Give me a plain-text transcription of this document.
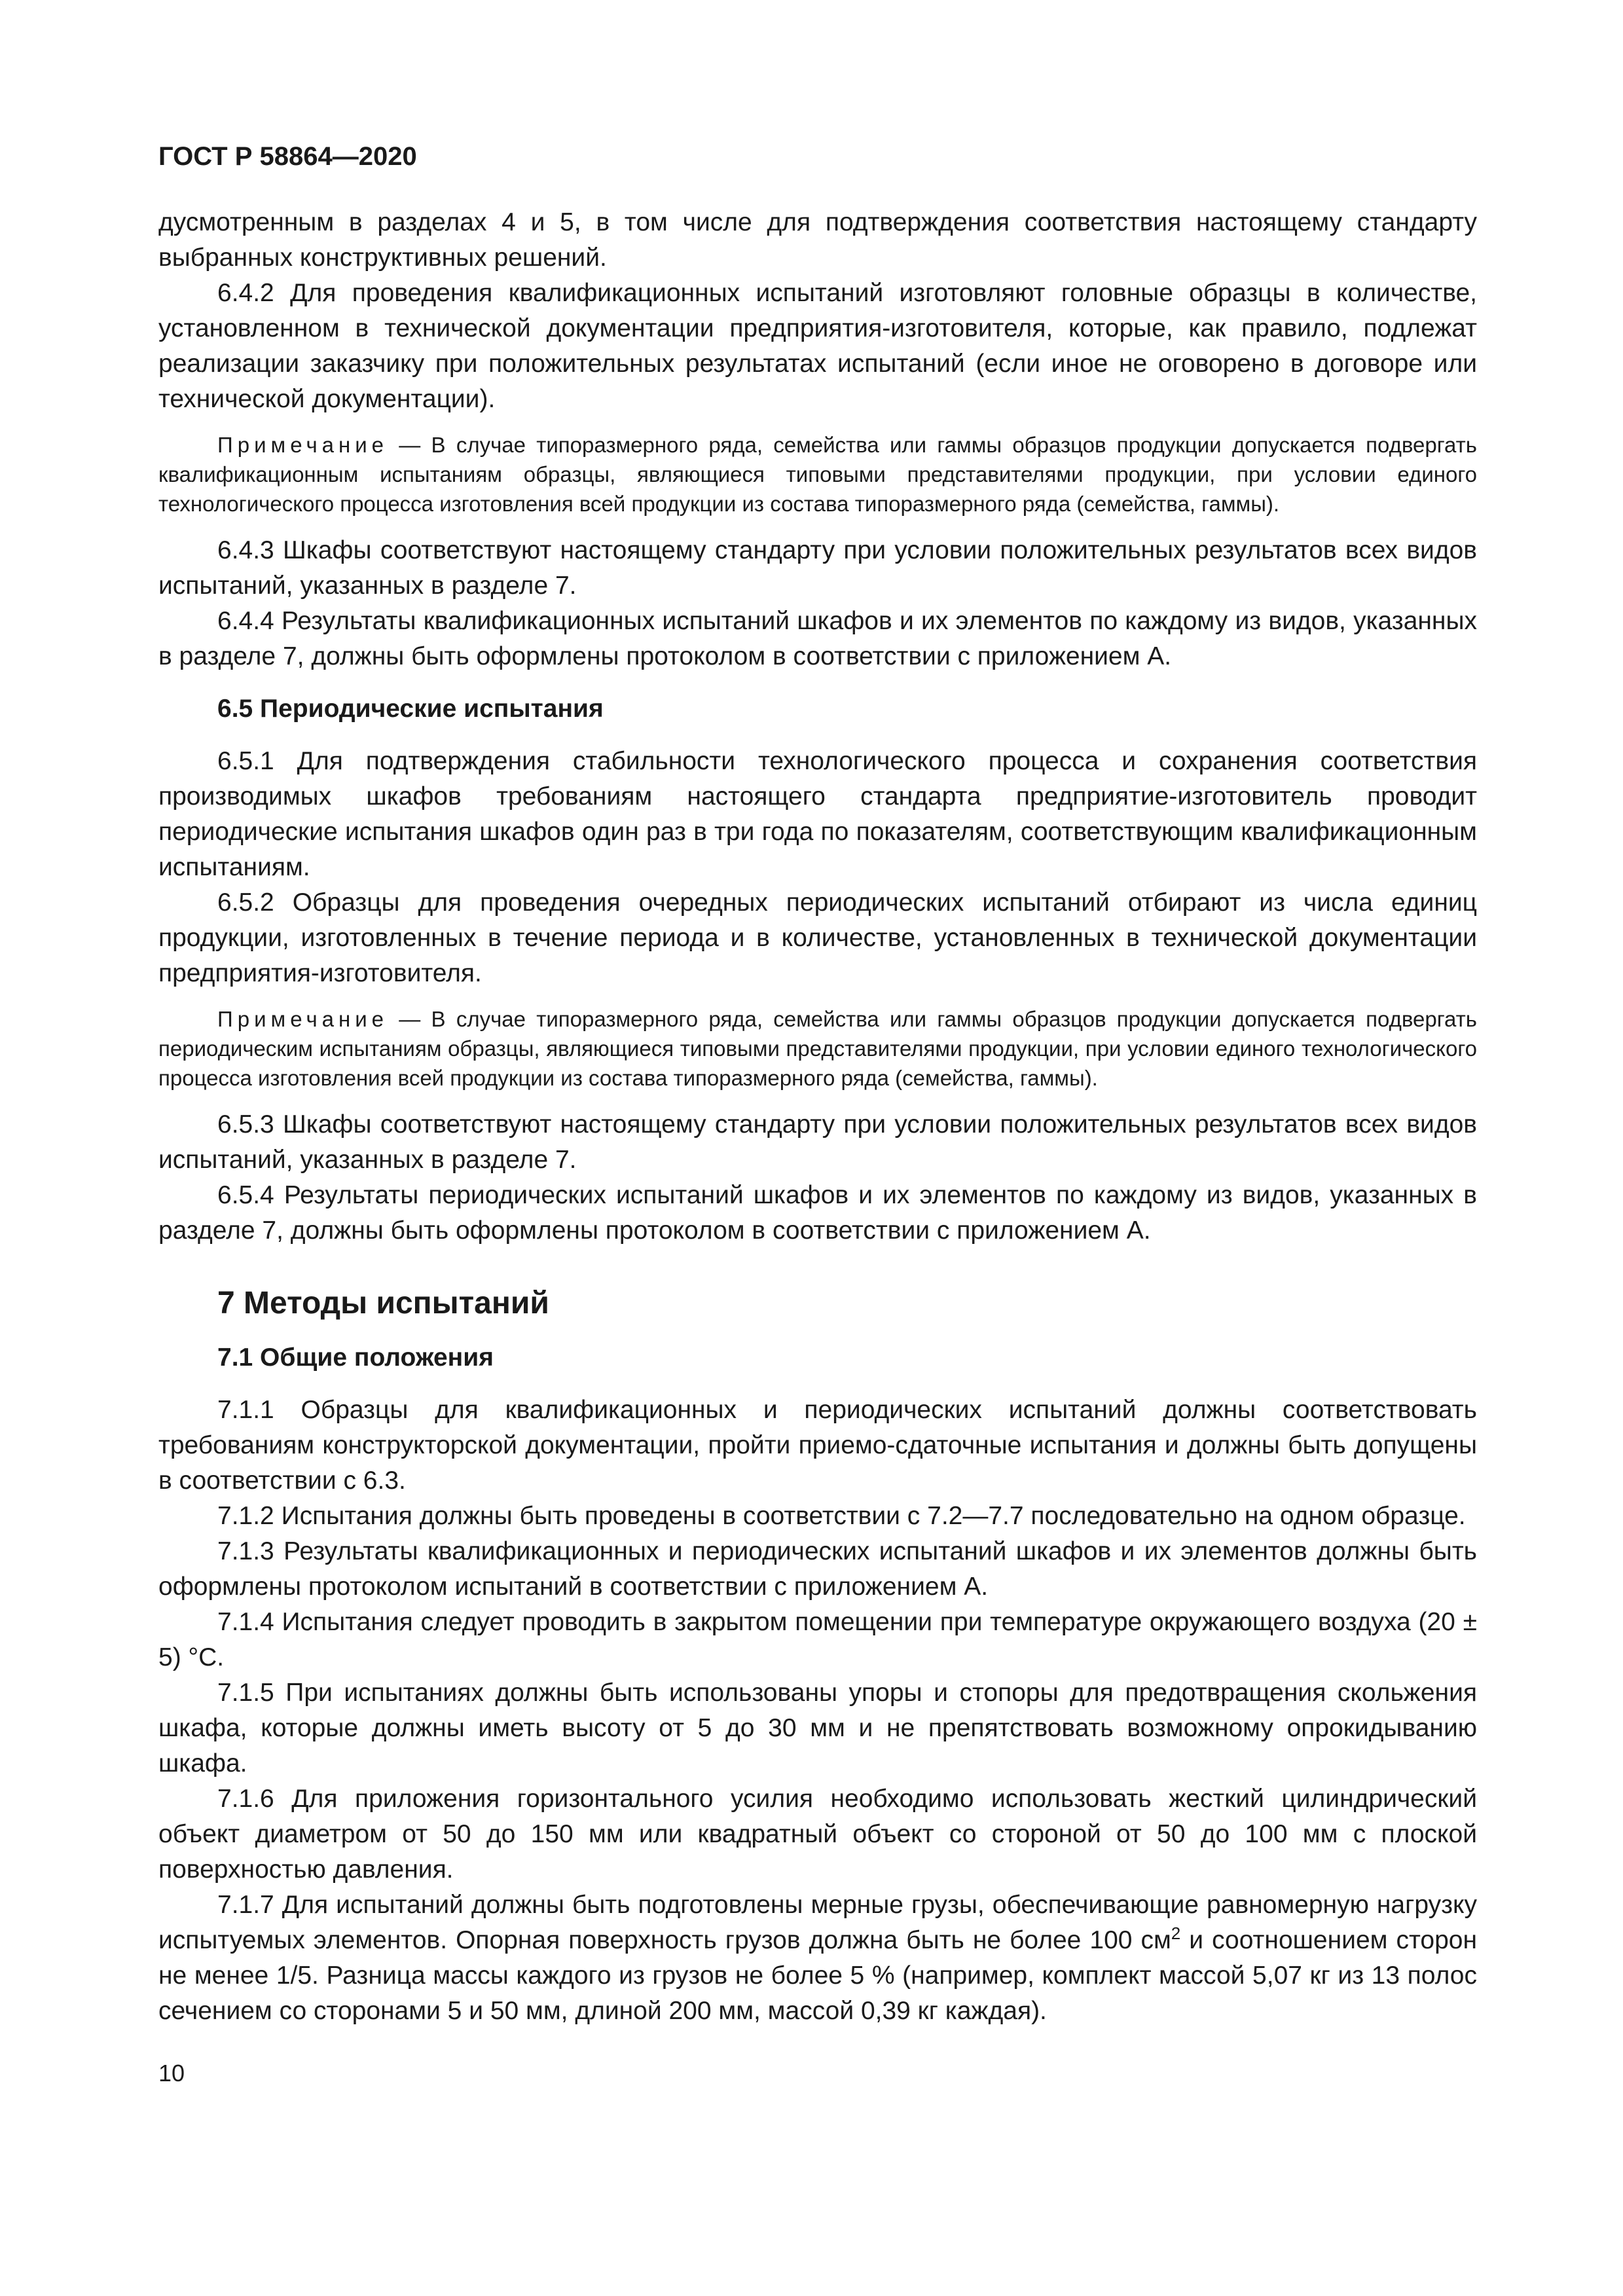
ГОСТ Р 58864—2020

дусмотренным в разделах 4 и 5, в том числе для подтверждения соответствия настоящему стандарту выбранных конструктивных решений.

6.4.2 Для проведения квалификационных испытаний изготовляют головные образцы в количестве, установленном в технической документации предприятия-изготовителя, которые, как правило, подлежат реализации заказчику при положительных результатах испытаний (если иное не оговорено в договоре или технической документации).

Примечание — В случае типоразмерного ряда, семейства или гаммы образцов продукции допускается подвергать квалификационным испытаниям образцы, являющиеся типовыми представителями продукции, при условии единого технологического процесса изготовления всей продукции из состава типоразмерного ряда (семейства, гаммы).

6.4.3 Шкафы соответствуют настоящему стандарту при условии положительных результатов всех видов испытаний, указанных в разделе 7.

6.4.4 Результаты квалификационных испытаний шкафов и их элементов по каждому из видов, указанных в разделе 7, должны быть оформлены протоколом в соответствии с приложением А.

6.5 Периодические испытания

6.5.1 Для подтверждения стабильности технологического процесса и сохранения соответствия производимых шкафов требованиям настоящего стандарта предприятие-изготовитель проводит периодические испытания шкафов один раз в три года по показателям, соответствующим квалификационным испытаниям.

6.5.2 Образцы для проведения очередных периодических испытаний отбирают из числа единиц продукции, изготовленных в течение периода и в количестве, установленных в технической документации предприятия-изготовителя.

Примечание — В случае типоразмерного ряда, семейства или гаммы образцов продукции допускается подвергать периодическим испытаниям образцы, являющиеся типовыми представителями продукции, при условии единого технологического процесса изготовления всей продукции из состава типоразмерного ряда (семейства, гаммы).

6.5.3 Шкафы соответствуют настоящему стандарту при условии положительных результатов всех видов испытаний, указанных в разделе 7.

6.5.4 Результаты периодических испытаний шкафов и их элементов по каждому из видов, указанных в разделе 7, должны быть оформлены протоколом в соответствии с приложением А.

7 Методы испытаний
7.1 Общие положения

7.1.1 Образцы для квалификационных и периодических испытаний должны соответствовать требованиям конструкторской документации, пройти приемо-сдаточные испытания и должны быть допущены в соответствии с 6.3.

7.1.2 Испытания должны быть проведены в соответствии с 7.2—7.7 последовательно на одном образце.

7.1.3 Результаты квалификационных и периодических испытаний шкафов и их элементов должны быть оформлены протоколом испытаний в соответствии с приложением А.

7.1.4 Испытания следует проводить в закрытом помещении при температуре окружающего воздуха (20 ± 5) °С.

7.1.5 При испытаниях должны быть использованы упоры и стопоры для предотвращения скольжения шкафа, которые должны иметь высоту от 5 до 30 мм и не препятствовать возможному опрокидыванию шкафа.

7.1.6 Для приложения горизонтального усилия необходимо использовать жесткий цилиндрический объект диаметром от 50 до 150 мм или квадратный объект со стороной от 50 до 100 мм с плоской поверхностью давления.

7.1.7 Для испытаний должны быть подготовлены мерные грузы, обеспечивающие равномерную нагрузку испытуемых элементов. Опорная поверхность грузов должна быть не более 100 $см^2$ и соотношением сторон не менее 1/5. Разница массы каждого из грузов не более 5 % (например, комплект массой 5,07 кг из 13 полос сечением со сторонами 5 и 50 мм, длиной 200 мм, массой 0,39 кг каждая).

10
